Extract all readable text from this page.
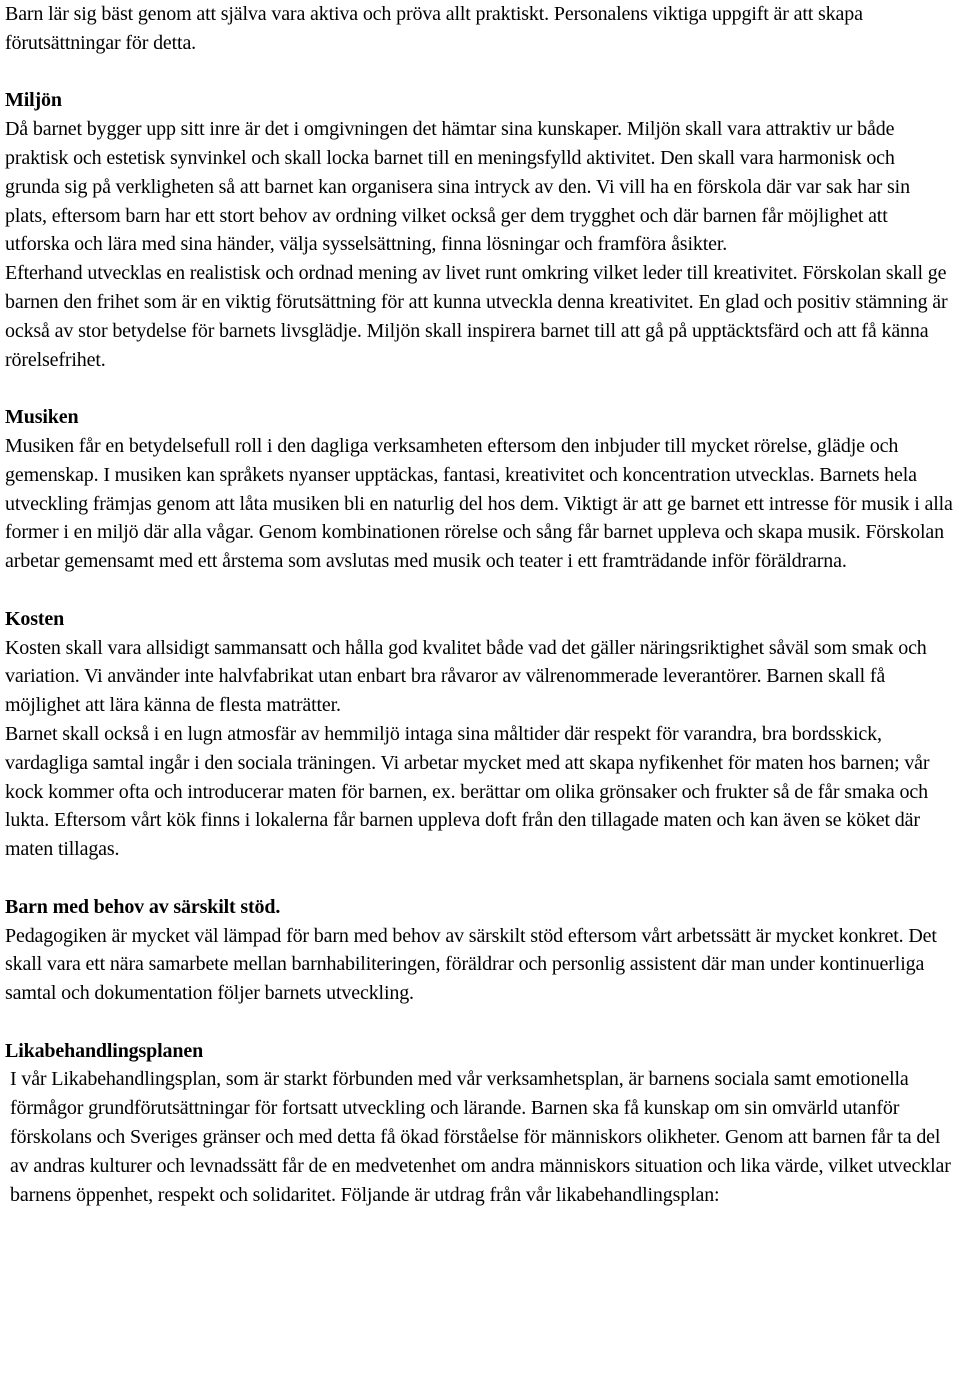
Barn lär sig bäst genom att själva vara aktiva och pröva allt praktiskt. Personalens viktiga uppgift är att skapa förutsättningar för detta.

Miljön

Då barnet bygger upp sitt inre är det i omgivningen det hämtar sina kunskaper. Miljön skall vara attraktiv ur både praktisk och estetisk synvinkel och skall locka barnet till en meningsfylld aktivitet. Den skall vara harmonisk och grunda sig på verkligheten så att barnet kan organisera sina intryck av den. Vi vill ha en förskola där var sak har sin plats, eftersom barn har ett stort behov av ordning vilket också ger dem trygghet och där barnen får möjlighet att utforska och lära med sina händer, välja sysselsättning, finna lösningar och framföra åsikter.

Efterhand utvecklas en realistisk och ordnad mening av livet runt omkring vilket leder till kreativitet. Förskolan skall ge barnen den frihet som är en viktig förutsättning för att kunna utveckla denna kreativitet. En glad och positiv stämning är också av stor betydelse för barnets livsglädje. Miljön skall inspirera barnet till att gå på upptäcktsfärd och att få känna rörelsefrihet.

Musiken

Musiken får en betydelsefull roll i den dagliga verksamheten eftersom den inbjuder till mycket rörelse, glädje och gemenskap. I musiken kan språkets nyanser upptäckas, fantasi, kreativitet och koncentration utvecklas. Barnets hela utveckling främjas genom att låta musiken bli en naturlig del hos dem. Viktigt är att ge barnet ett intresse för musik i alla former i en miljö där alla vågar. Genom kombinationen rörelse och sång får barnet uppleva och skapa musik. Förskolan arbetar gemensamt med ett årstema som avslutas med musik och teater i ett framträdande inför föräldrarna.

Kosten

Kosten skall vara allsidigt sammansatt och hålla god kvalitet både vad det gäller näringsriktighet såväl som smak och variation. Vi använder inte halvfabrikat utan enbart bra råvaror av välrenommerade leverantörer. Barnen skall få möjlighet att lära känna de flesta maträtter.

Barnet skall också i en lugn atmosfär av hemmiljö intaga sina måltider där respekt för varandra, bra bordsskick, vardagliga samtal ingår i den sociala träningen. Vi arbetar mycket med att skapa nyfikenhet för maten hos barnen; vår kock kommer ofta och introducerar maten för barnen, ex. berättar om olika grönsaker och frukter så de får smaka och lukta. Eftersom vårt kök finns i lokalerna får barnen uppleva doft från den tillagade maten och kan även se köket där maten tillagas.

Barn med behov av särskilt stöd.

Pedagogiken är mycket väl lämpad för barn med behov av särskilt stöd eftersom vårt arbetssätt är mycket konkret. Det skall vara ett nära samarbete mellan barnhabiliteringen, föräldrar och personlig assistent där man under kontinuerliga samtal och dokumentation följer barnets utveckling.

Likabehandlingsplanen

I vår Likabehandlingsplan, som är starkt förbunden med vår verksamhetsplan, är barnens sociala samt emotionella förmågor grundförutsättningar för fortsatt utveckling och lärande. Barnen ska få kunskap om sin omvärld utanför förskolans och Sveriges gränser och med detta få ökad förståelse för människors olikheter. Genom att barnen får ta del av andras kulturer och levnadssätt får de en medvetenhet om andra människors situation och lika värde, vilket utvecklar barnens öppenhet, respekt och solidaritet. Följande är utdrag från vår likabehandlingsplan:
